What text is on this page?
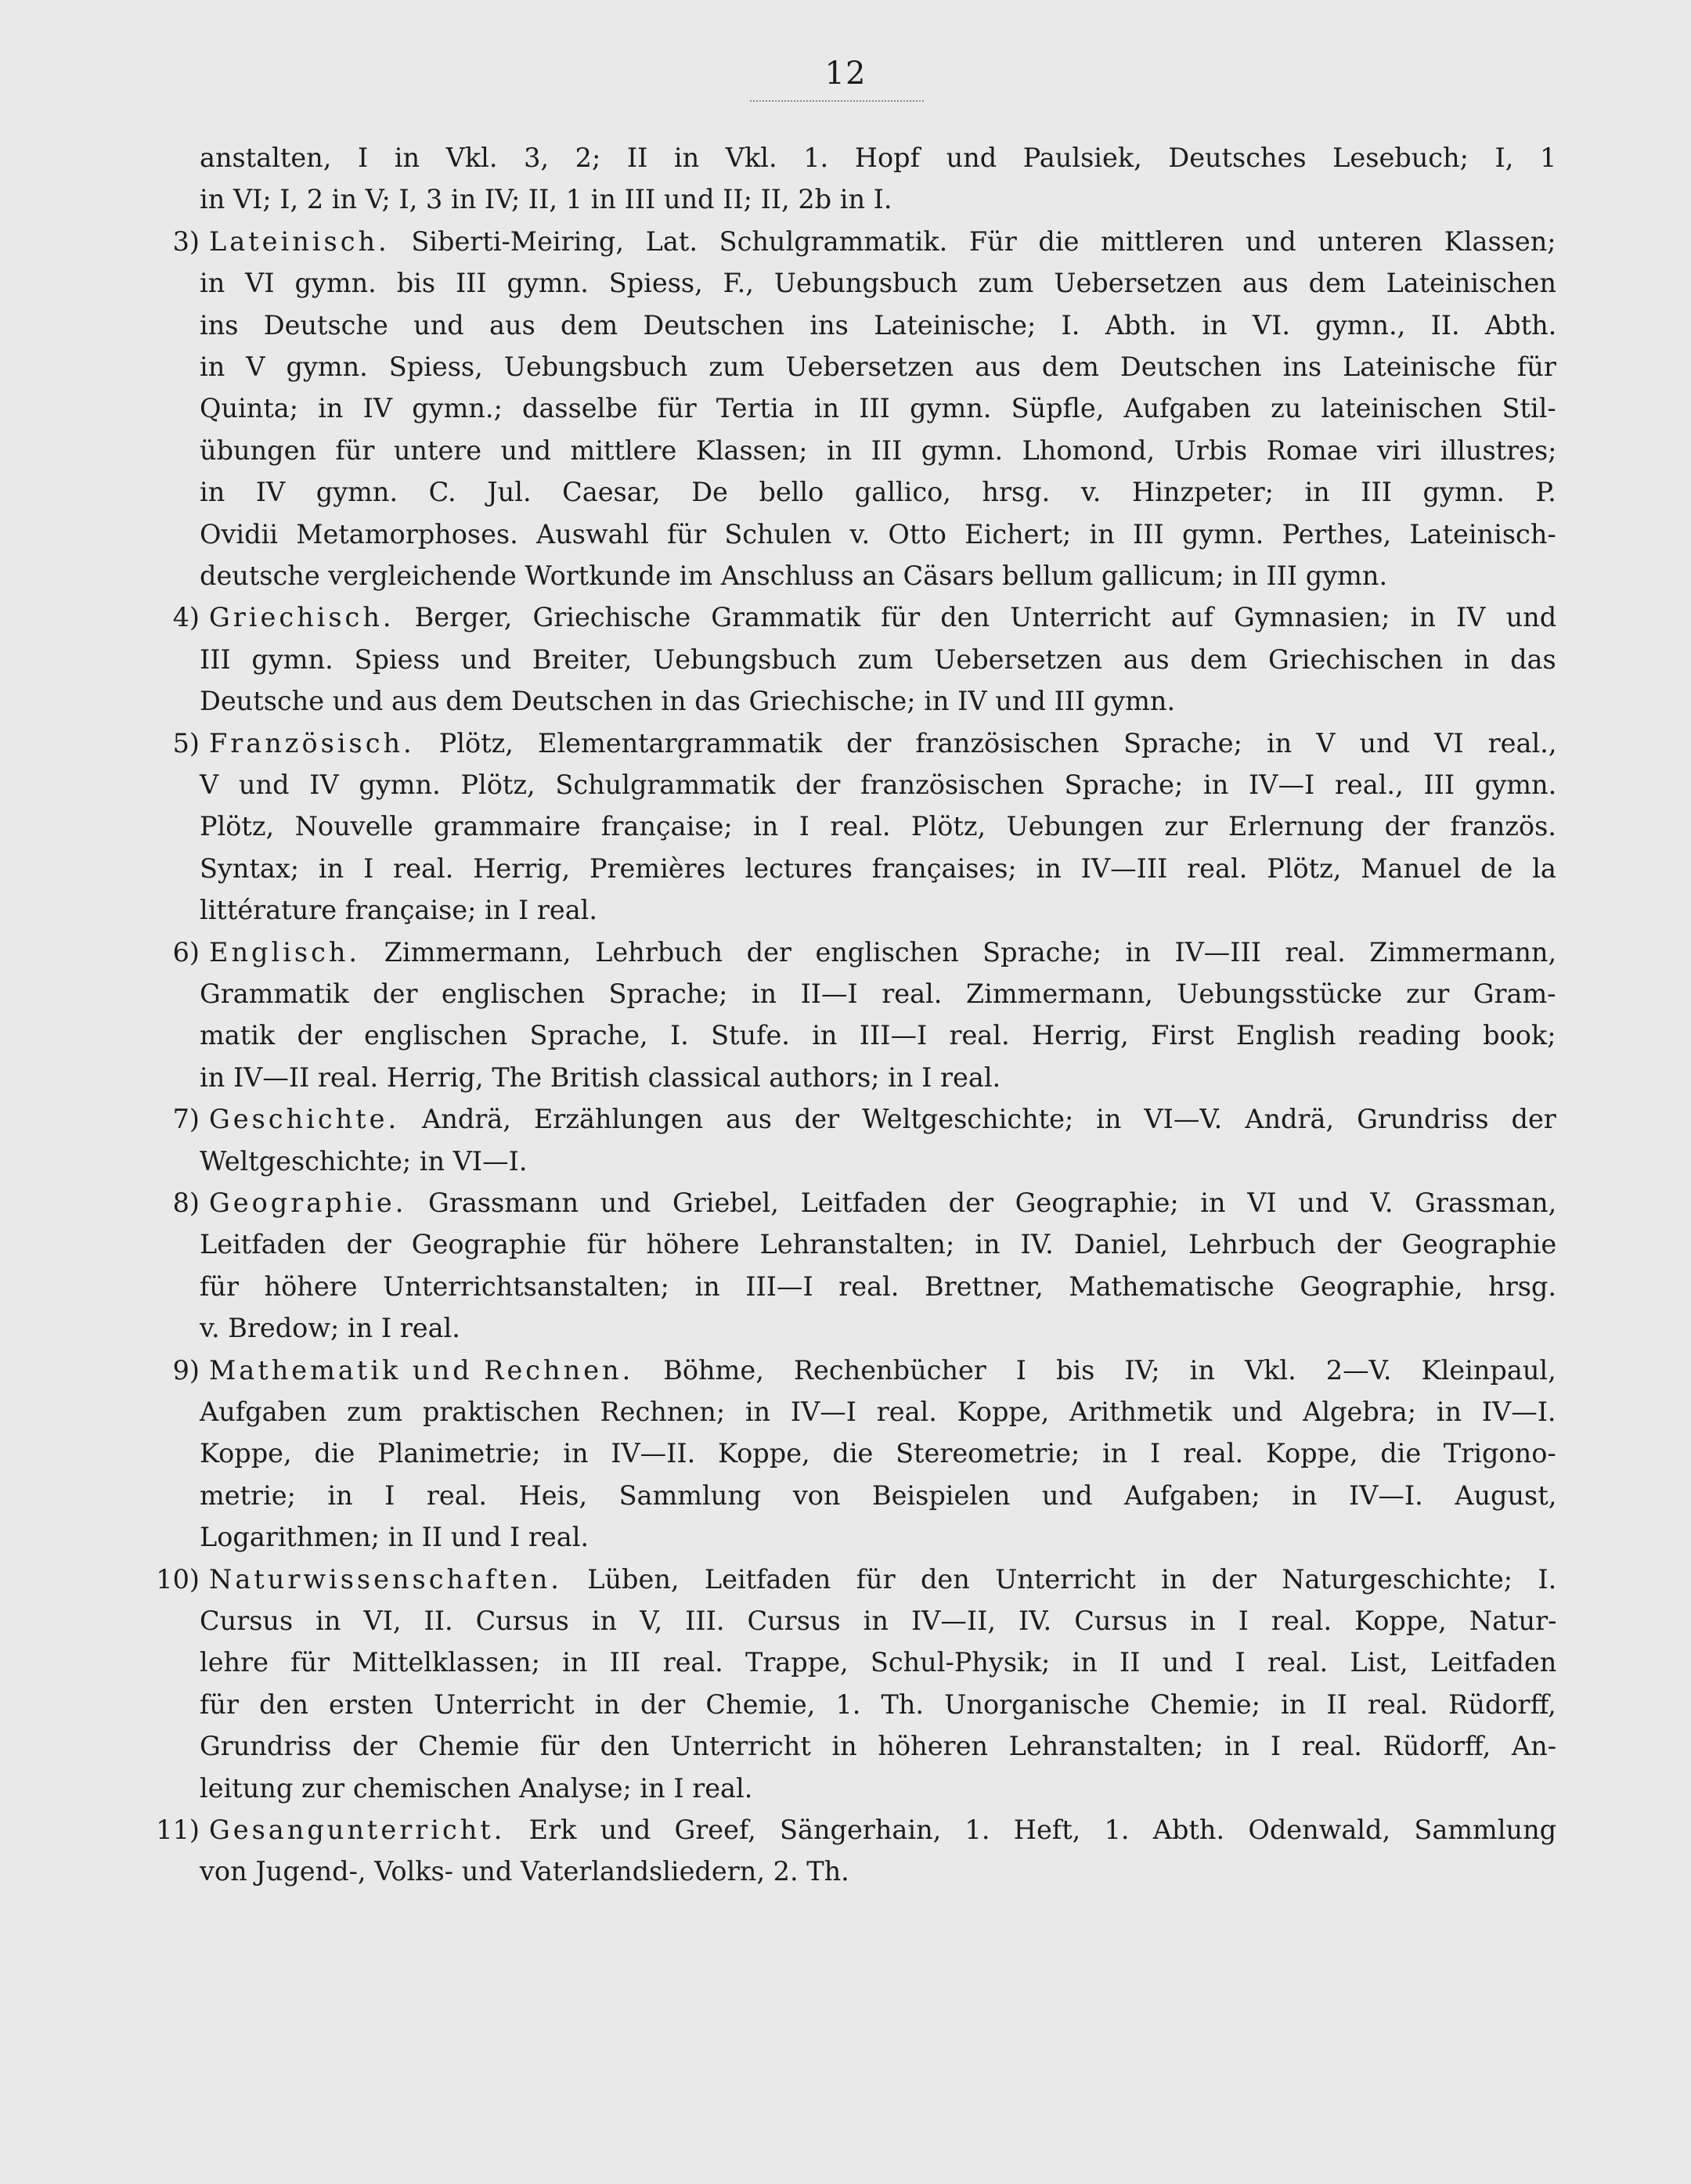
12
anstalten, I in Vkl. 3, 2; II in Vkl. 1. Hopf und Paulsiek, Deutsches Lesebuch; I, 1
in VI; I, 2 in V; I, 3 in IV; II, 1 in III und II; II, 2b in I.
3) Lateinisch. Siberti-Meiring, Lat. Schulgrammatik. Für die mittleren und unteren Klassen;
in VI gymn. bis III gymn. Spiess, F., Uebungsbuch zum Uebersetzen aus dem Lateinischen
ins Deutsche und aus dem Deutschen ins Lateinische; I. Abth. in VI. gymn., II. Abth.
in V gymn. Spiess, Uebungsbuch zum Uebersetzen aus dem Deutschen ins Lateinische für
Quinta; in IV gymn.; dasselbe für Tertia in III gymn. Süpfle, Aufgaben zu lateinischen Stil-
übungen für untere und mittlere Klassen; in III gymn. Lhomond, Urbis Romae viri illustres;
in IV gymn. C. Jul. Caesar, De bello gallico, hrsg. v. Hinzpeter; in III gymn. P.
Ovidii Metamorphoses. Auswahl für Schulen v. Otto Eichert; in III gymn. Perthes, Lateinisch-
deutsche vergleichende Wortkunde im Anschluss an Cäsars bellum gallicum; in III gymn.
4) Griechisch. Berger, Griechische Grammatik für den Unterricht auf Gymnasien; in IV und
III gymn. Spiess und Breiter, Uebungsbuch zum Uebersetzen aus dem Griechischen in das
Deutsche und aus dem Deutschen in das Griechische; in IV und III gymn.
5) Französisch. Plötz, Elementargrammatik der französischen Sprache; in V und VI real.,
V und IV gymn. Plötz, Schulgrammatik der französischen Sprache; in IV—I real., III gymn.
Plötz, Nouvelle grammaire française; in I real. Plötz, Uebungen zur Erlernung der französ.
Syntax; in I real. Herrig, Premières lectures françaises; in IV—III real. Plötz, Manuel de la
littérature française; in I real.
6) Englisch. Zimmermann, Lehrbuch der englischen Sprache; in IV—III real. Zimmermann,
Grammatik der englischen Sprache; in II—I real. Zimmermann, Uebungsstücke zur Gram-
matik der englischen Sprache, I. Stufe. in III—I real. Herrig, First English reading book;
in IV—II real. Herrig, The British classical authors; in I real.
7) Geschichte. Andrä, Erzählungen aus der Weltgeschichte; in VI—V. Andrä, Grundriss der
Weltgeschichte; in VI—I.
8) Geographie. Grassmann und Griebel, Leitfaden der Geographie; in VI und V. Grassman,
Leitfaden der Geographie für höhere Lehranstalten; in IV. Daniel, Lehrbuch der Geographie
für höhere Unterrichtsanstalten; in III—I real. Brettner, Mathematische Geographie, hrsg.
v. Bredow; in I real.
9) Mathematik und Rechnen. Böhme, Rechenbücher I bis IV; in Vkl. 2—V. Kleinpaul,
Aufgaben zum praktischen Rechnen; in IV—I real. Koppe, Arithmetik und Algebra; in IV—I.
Koppe, die Planimetrie; in IV—II. Koppe, die Stereometrie; in I real. Koppe, die Trigono-
metrie; in I real. Heis, Sammlung von Beispielen und Aufgaben; in IV—I. August,
Logarithmen; in II und I real.
10) Naturwissenschaften. Lüben, Leitfaden für den Unterricht in der Naturgeschichte; I.
Cursus in VI, II. Cursus in V, III. Cursus in IV—II, IV. Cursus in I real. Koppe, Natur-
lehre für Mittelklassen; in III real. Trappe, Schul-Physik; in II und I real. List, Leitfaden
für den ersten Unterricht in der Chemie, 1. Th. Unorganische Chemie; in II real. Rüdorff,
Grundriss der Chemie für den Unterricht in höheren Lehranstalten; in I real. Rüdorff, An-
leitung zur chemischen Analyse; in I real.
11) Gesangunterricht. Erk und Greef, Sängerhain, 1. Heft, 1. Abth. Odenwald, Sammlung
von Jugend-, Volks- und Vaterlandsliedern, 2. Th.
